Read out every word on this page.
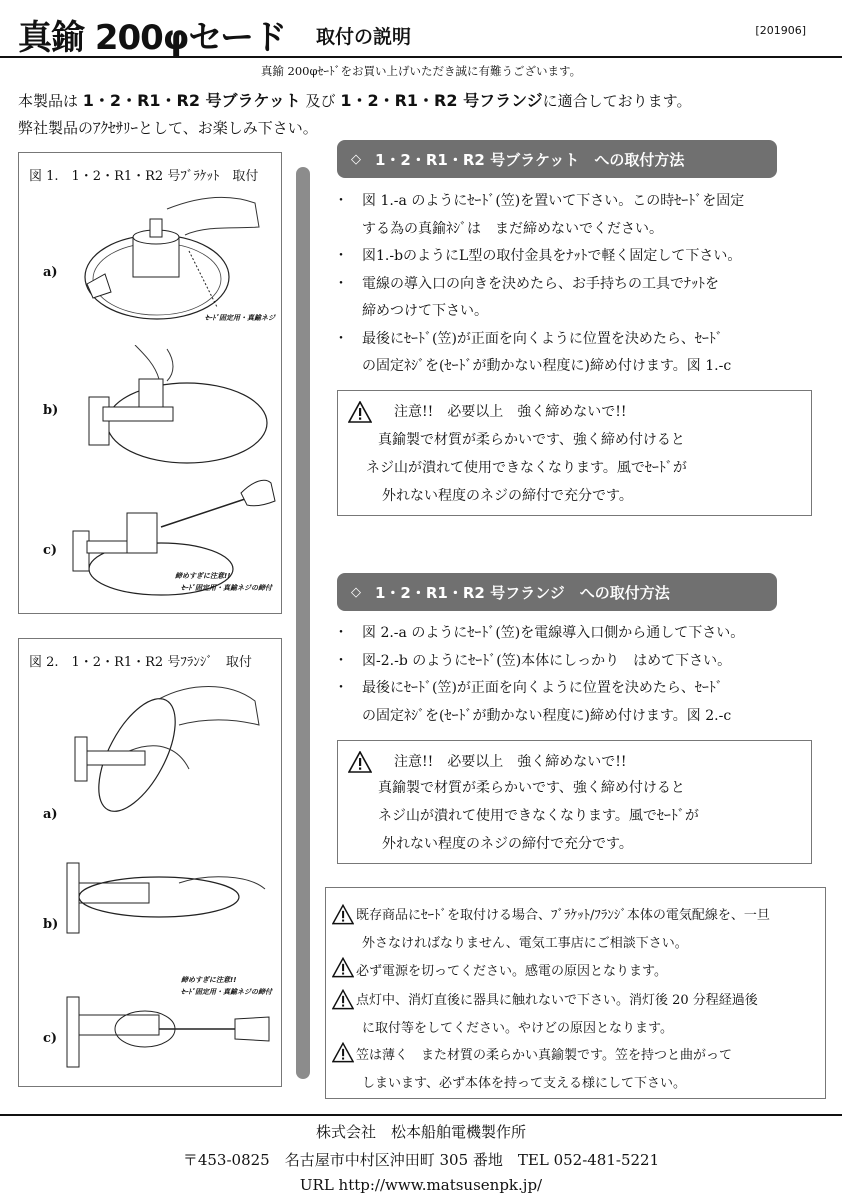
真鍮 200φセード 取付の説明	[201906]
真鍮 200φｾｰﾄﾞをお買い上げいただき誠に有難うございます。
本製品は 1・2・R1・R2 号ブラケット 及び 1・2・R1・R2 号フランジに適合しております。
弊社製品のｱｸｾｻﾘｰとして、お楽しみ下さい。
図 1.　1・2・R1・R2 号ﾌﾞﾗｹｯﾄ　取付
a)
ｾｰﾄﾞ固定用・真鍮ネジ
b)
c)
締めすぎに注意!!
ｾｰﾄﾞ固定用・真鍮ネジの締付
図 2.　1・2・R1・R2 号ﾌﾗﾝｼﾞ　取付
a)
b)
c)
締めすぎに注意!!
ｾｰﾄﾞ固定用・真鍮ネジの締付
◇ 1・2・R1・R2 号ブラケット　への取付方法
・ 図 1.-a のようにｾｰﾄﾞ(笠)を置いて下さい。この時ｾｰﾄﾞを固定
する為の真鍮ﾈｼﾞは　まだ締めないでください。
・ 図1.-bのようにL型の取付金具をﾅｯﾄで軽く固定して下さい。
・ 電線の導入口の向きを決めたら、お手持ちの工具でﾅｯﾄを
締めつけて下さい。
・ 最後にｾｰﾄﾞ(笠)が正面を向くように位置を決めたら、ｾｰﾄﾞ
の固定ﾈｼﾞを(ｾｰﾄﾞが動かない程度に)締め付けます。図 1.-c
注意!!　必要以上　強く締めないで!!
真鍮製で材質が柔らかいです、強く締め付けると
ネジ山が潰れて使用できなくなります。風でｾｰﾄﾞが
外れない程度のネジの締付で充分です。
◇ 1・2・R1・R2 号フランジ　への取付方法
・ 図 2.-a のようにｾｰﾄﾞ(笠)を電線導入口側から通して下さい。
・ 図-2.-b のようにｾｰﾄﾞ(笠)本体にしっかり　はめて下さい。
・ 最後にｾｰﾄﾞ(笠)が正面を向くように位置を決めたら、ｾｰﾄﾞ
の固定ﾈｼﾞを(ｾｰﾄﾞが動かない程度に)締め付けます。図 2.-c
注意!!　必要以上　強く締めないで!!
真鍮製で材質が柔らかいです、強く締め付けると
ネジ山が潰れて使用できなくなります。風でｾｰﾄﾞが
外れない程度のネジの締付で充分です。
既存商品にｾｰﾄﾞを取付ける場合、ﾌﾞﾗｹｯﾄ/ﾌﾗﾝｼﾞ本体の電気配線を、一旦
外さなければなりません、電気工事店にご相談下さい。
必ず電源を切ってください。感電の原因となります。
点灯中、消灯直後に器具に触れないで下さい。消灯後 20 分程経過後
に取付等をしてください。やけどの原因となります。
笠は薄く　また材質の柔らかい真鍮製です。笠を持つと曲がって
しまいます、必ず本体を持って支える様にして下さい。
株式会社　松本船舶電機製作所
〒453-0825　名古屋市中村区沖田町 305 番地　TEL 052-481-5221
URL http://www.matsusenpk.jp/
